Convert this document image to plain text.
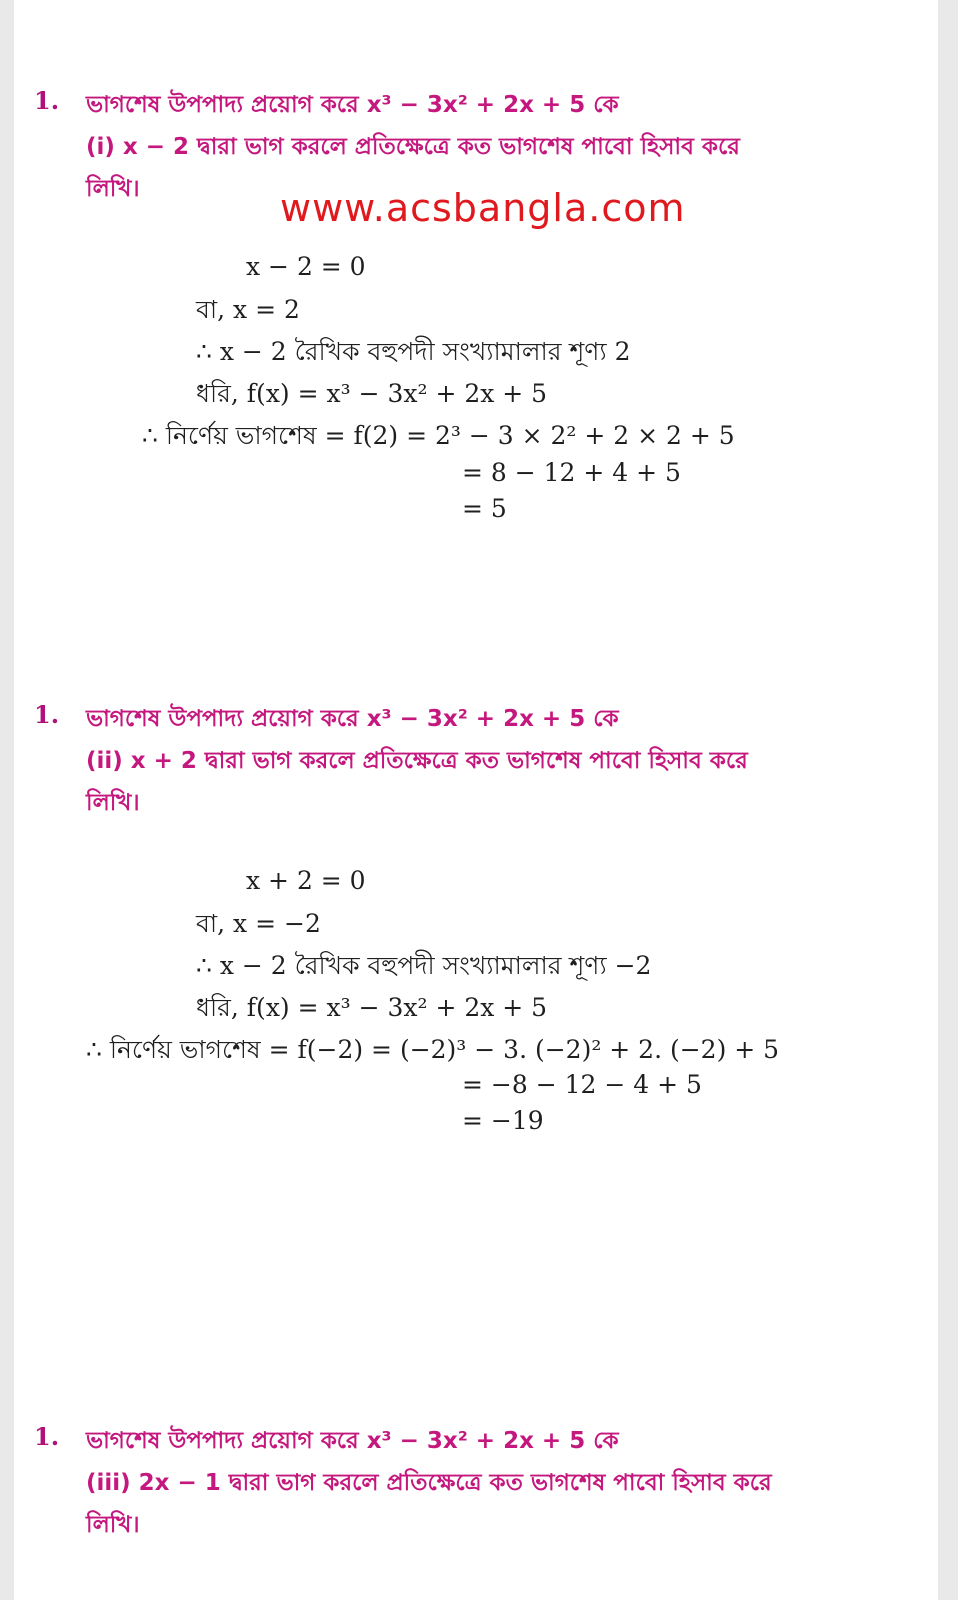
1. ভাগশেষ উপপাদ্য প্রয়োগ করে x³ − 3x² + 2x + 5 কে
(i) x − 2 দ্বারা ভাগ করলে প্রতিক্ষেত্রে কত ভাগশেষ পাবো হিসাব করে
লিখি।	www.acsbangla.com
x − 2 = 0
বা, x = 2
∴ x − 2 রৈখিক বহুপদী সংখ্যামালার শূণ্য 2
ধরি, f(x) = x³ − 3x² + 2x + 5
∴ নির্ণেয় ভাগশেষ = f(2) = 2³ − 3 × 2² + 2 × 2 + 5
= 8 − 12 + 4 + 5
= 5
1. ভাগশেষ উপপাদ্য প্রয়োগ করে x³ − 3x² + 2x + 5 কে
(ii) x + 2 দ্বারা ভাগ করলে প্রতিক্ষেত্রে কত ভাগশেষ পাবো হিসাব করে
লিখি।
x + 2 = 0
বা, x = −2
∴ x − 2 রৈখিক বহুপদী সংখ্যামালার শূণ্য −2
ধরি, f(x) = x³ − 3x² + 2x + 5
∴ নির্ণেয় ভাগশেষ = f(−2) = (−2)³ − 3. (−2)² + 2. (−2) + 5
= −8 − 12 − 4 + 5
= −19
1. ভাগশেষ উপপাদ্য প্রয়োগ করে x³ − 3x² + 2x + 5 কে
(iii) 2x − 1 দ্বারা ভাগ করলে প্রতিক্ষেত্রে কত ভাগশেষ পাবো হিসাব করে
লিখি।
